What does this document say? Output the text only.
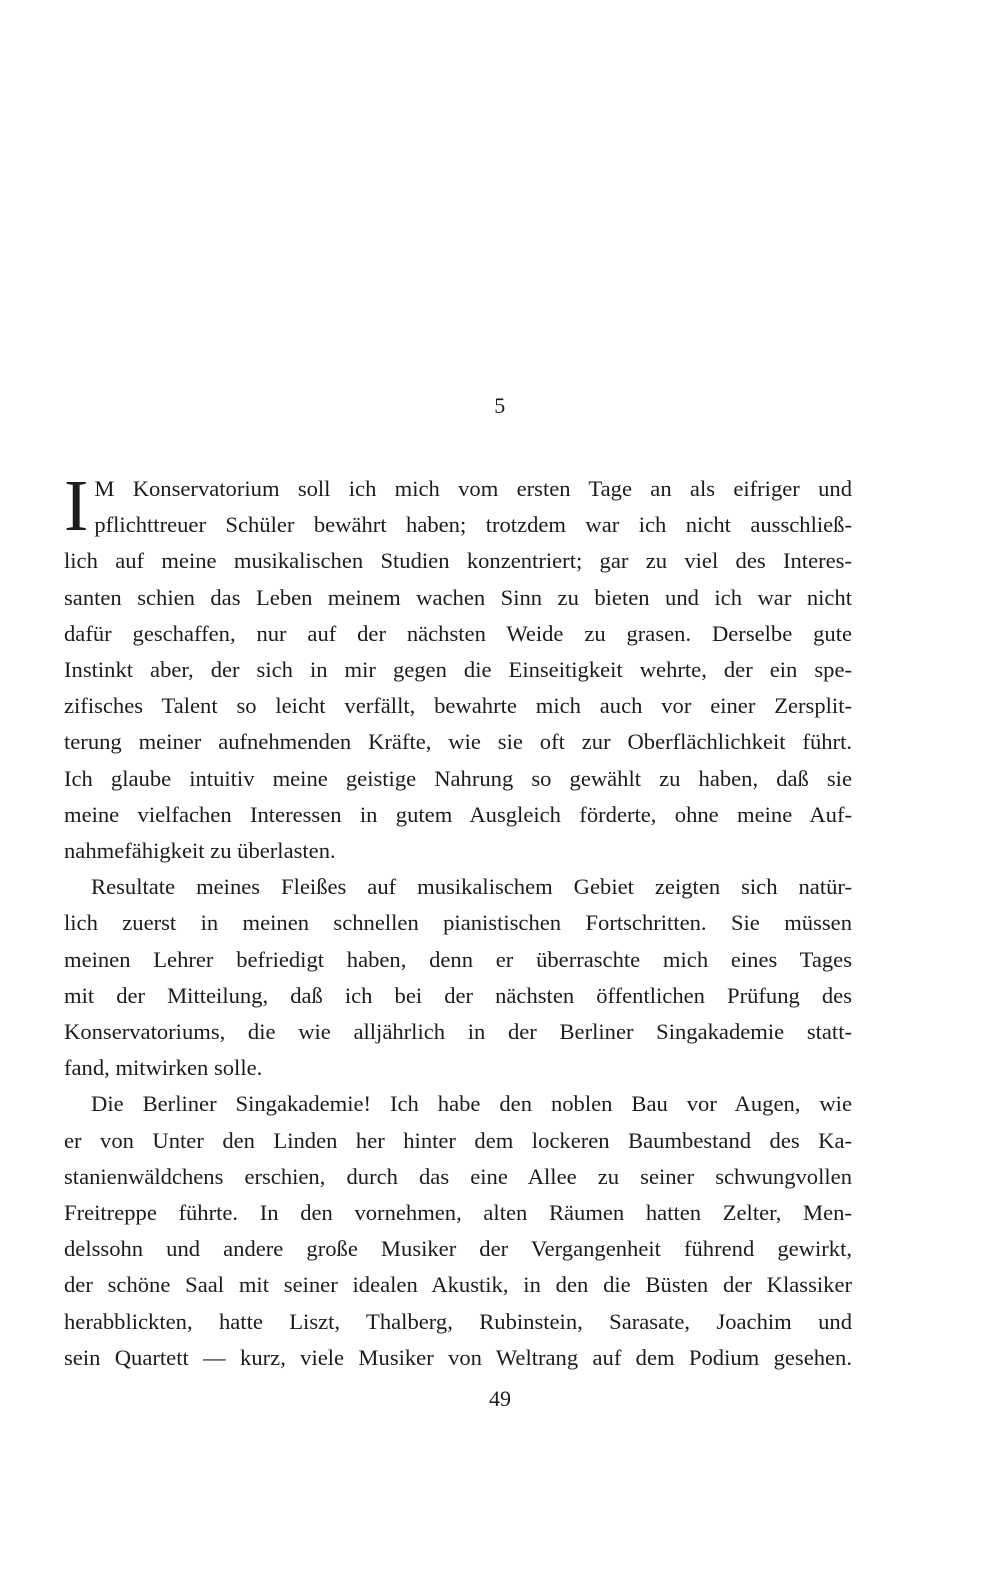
5
I M Konservatorium soll ich mich vom ersten Tage an als eifriger und
pflichttreuer Schüler bewährt haben; trotzdem war ich nicht ausschließ-
lich auf meine musikalischen Studien konzentriert; gar zu viel des Interes-
santen schien das Leben meinem wachen Sinn zu bieten und ich war nicht
dafür geschaffen, nur auf der nächsten Weide zu grasen. Derselbe gute
Instinkt aber, der sich in mir gegen die Einseitigkeit wehrte, der ein spe-
zifisches Talent so leicht verfällt, bewahrte mich auch vor einer Zersplit-
terung meiner aufnehmenden Kräfte, wie sie oft zur Oberflächlichkeit führt.
Ich glaube intuitiv meine geistige Nahrung so gewählt zu haben, daß sie
meine vielfachen Interessen in gutem Ausgleich förderte, ohne meine Auf-
nahmefähigkeit zu überlasten.
Resultate meines Fleißes auf musikalischem Gebiet zeigten sich natür-
lich zuerst in meinen schnellen pianistischen Fortschritten. Sie müssen
meinen Lehrer befriedigt haben, denn er überraschte mich eines Tages
mit der Mitteilung, daß ich bei der nächsten öffentlichen Prüfung des
Konservatoriums, die wie alljährlich in der Berliner Singakademie statt-
fand, mitwirken solle.
Die Berliner Singakademie! Ich habe den noblen Bau vor Augen, wie
er von Unter den Linden her hinter dem lockeren Baumbestand des Ka-
stanienwäldchens erschien, durch das eine Allee zu seiner schwungvollen
Freitreppe führte. In den vornehmen, alten Räumen hatten Zelter, Men-
delssohn und andere große Musiker der Vergangenheit führend gewirkt,
der schöne Saal mit seiner idealen Akustik, in den die Büsten der Klassiker
herabblickten, hatte Liszt, Thalberg, Rubinstein, Sarasate, Joachim und
sein Quartett — kurz, viele Musiker von Weltrang auf dem Podium gesehen.
49
